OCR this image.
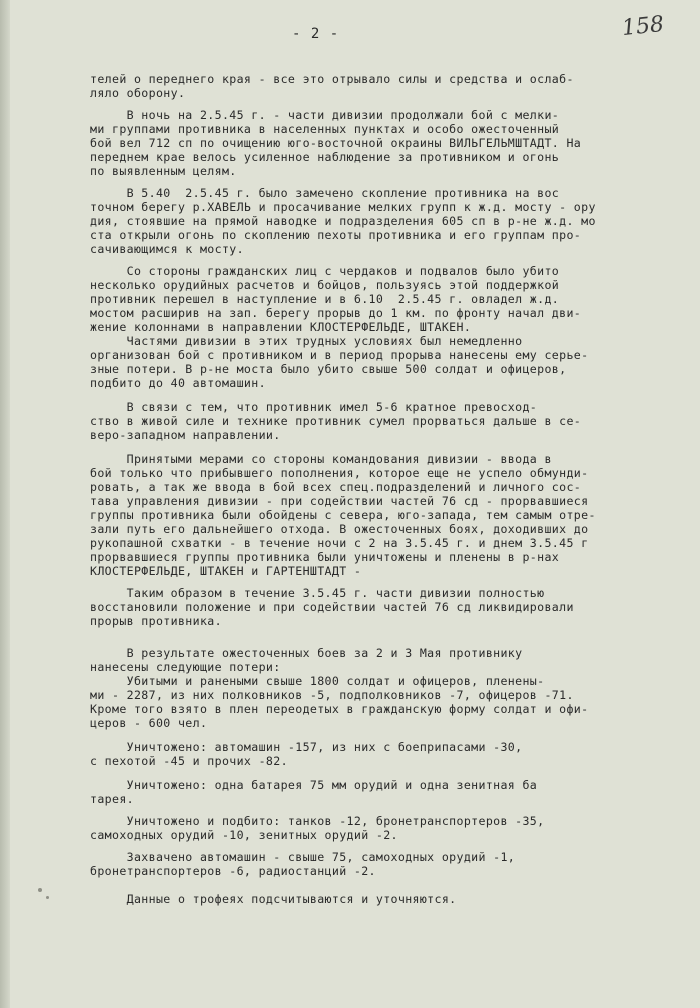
- 2 -	158
телей о переднего края - все это отрывало силы и средства и ослаб-
ляло оборону.
В ночь на 2.5.45 г. - части дивизии продолжали бой с мелки-
ми группами противника в населенных пунктах и особо ожесточенный
бой вел 712 сп по очищению юго-восточной окраины ВИЛЬГЕЛЬМШТАДТ. На
переднем крае велось усиленное наблюдение за противником и огонь
по выявленным целям.
В 5.40  2.5.45 г. было замечено скопление противника на вос
точном берегу р.ХАВЕЛЬ и просачивание мелких групп к ж.д. мосту - ору
дия, стоявшие на прямой наводке и подразделения 605 сп в р-не ж.д. мо
ста открыли огонь по скоплению пехоты противника и его группам про-
сачивающимся к мосту.
Со стороны гражданских лиц с чердаков и подвалов было убито
несколько орудийных расчетов и бойцов, пользуясь этой поддержкой
противник перешел в наступление и в 6.10  2.5.45 г. овладел ж.д.
мостом расширив на зап. берегу прорыв до 1 км. по фронту начал дви-
жение колоннами в направлении КЛОСТЕРФЕЛЬДЕ, ШТАКЕН.
Частями дивизии в этих трудных условиях был немедленно
организован бой с противником и в период прорыва нанесены ему серье-
зные потери. В р-не моста было убито свыше 500 солдат и офицеров,
подбито до 40 автомашин.
В связи с тем, что противник имел 5-6 кратное превосход-
ство в живой силе и технике противник сумел прорваться дальше в се-
веро-западном направлении.
Принятыми мерами со стороны командования дивизии - ввода в
бой только что прибывшего пополнения, которое еще не успело обмунди-
ровать, а так же ввода в бой всех спец.подразделений и личного сос-
тава управления дивизии - при содействии частей 76 сд - прорвавшиеся
группы противника были обойдены с севера, юго-запада, тем самым отре-
зали путь его дальнейшего отхода. В ожесточенных боях, доходивших до
рукопашной схватки - в течение ночи с 2 на 3.5.45 г. и днем 3.5.45 г
прорвавшиеся группы противника были уничтожены и пленены в р-нах
КЛОСТЕРФЕЛЬДЕ, ШТАКЕН и ГАРТЕНШТАДТ -
Таким образом в течение 3.5.45 г. части дивизии полностью
восстановили положение и при содействии частей 76 сд ликвидировали
прорыв противника.
В результате ожесточенных боев за 2 и 3 Мая противнику
нанесены следующие потери:
Убитыми и ранеными свыше 1800 солдат и офицеров, пленены-
ми - 2287, из них полковников -5, подполковников -7, офицеров -71.
Кроме того взято в плен переодетых в гражданскую форму солдат и офи-
церов - 600 чел.
Уничтожено: автомашин -157, из них с боеприпасами -30,
с пехотой -45 и прочих -82.
Уничтожено: одна батарея 75 мм орудий и одна зенитная ба
тарея.
Уничтожено и подбито: танков -12, бронетранспортеров -35,
самоходных орудий -10, зенитных орудий -2.
Захвачено автомашин - свыше 75, самоходных орудий -1,
бронетранспортеров -6, радиостанций -2.
Данные о трофеях подсчитываются и уточняются.
